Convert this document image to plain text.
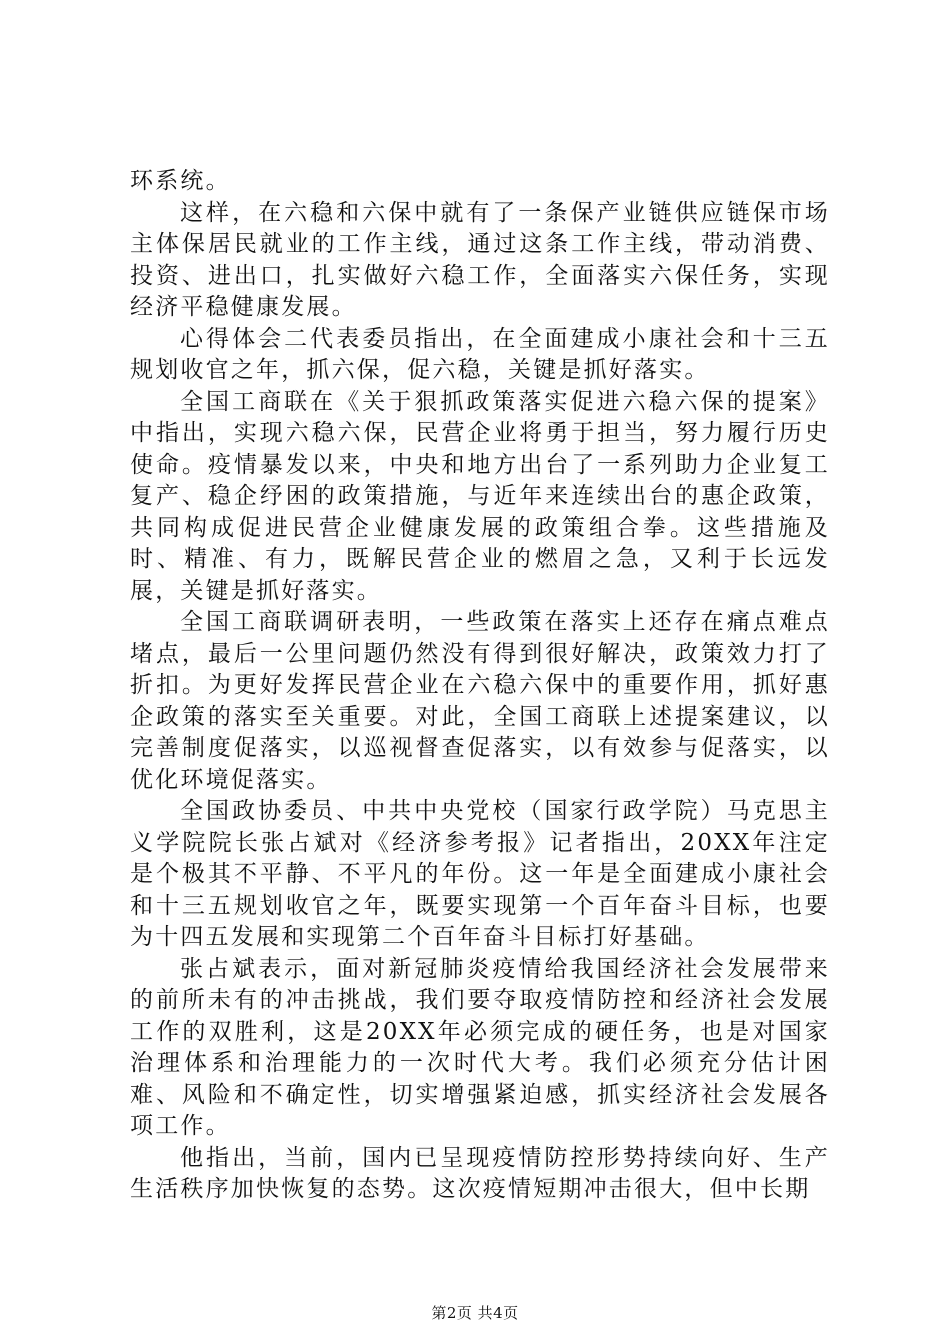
环系统。

这样，在六稳和六保中就有了一条保产业链供应链保市场主体保居民就业的工作主线，通过这条工作主线，带动消费、投资、进出口，扎实做好六稳工作，全面落实六保任务，实现经济平稳健康发展。

心得体会二代表委员指出，在全面建成小康社会和十三五规划收官之年，抓六保，促六稳，关键是抓好落实。

全国工商联在《关于狠抓政策落实促进六稳六保的提案》中指出，实现六稳六保，民营企业将勇于担当，努力履行历史使命。疫情暴发以来，中央和地方出台了一系列助力企业复工复产、稳企纾困的政策措施，与近年来连续出台的惠企政策，共同构成促进民营企业健康发展的政策组合拳。这些措施及时、精准、有力，既解民营企业的燃眉之急，又利于长远发展，关键是抓好落实。

全国工商联调研表明，一些政策在落实上还存在痛点难点堵点，最后一公里问题仍然没有得到很好解决，政策效力打了折扣。为更好发挥民营企业在六稳六保中的重要作用，抓好惠企政策的落实至关重要。对此，全国工商联上述提案建议，以完善制度促落实，以巡视督查促落实，以有效参与促落实，以优化环境促落实。

全国政协委员、中共中央党校（国家行政学院）马克思主义学院院长张占斌对《经济参考报》记者指出，20XX年注定是个极其不平静、不平凡的年份。这一年是全面建成小康社会和十三五规划收官之年，既要实现第一个百年奋斗目标，也要为十四五发展和实现第二个百年奋斗目标打好基础。

张占斌表示，面对新冠肺炎疫情给我国经济社会发展带来的前所未有的冲击挑战，我们要夺取疫情防控和经济社会发展工作的双胜利，这是20XX年必须完成的硬任务，也是对国家治理体系和治理能力的一次时代大考。我们必须充分估计困难、风险和不确定性，切实增强紧迫感，抓实经济社会发展各项工作。

他指出，当前，国内已呈现疫情防控形势持续向好、生产生活秩序加快恢复的态势。这次疫情短期冲击很大，但中长期

第2页 共4页
